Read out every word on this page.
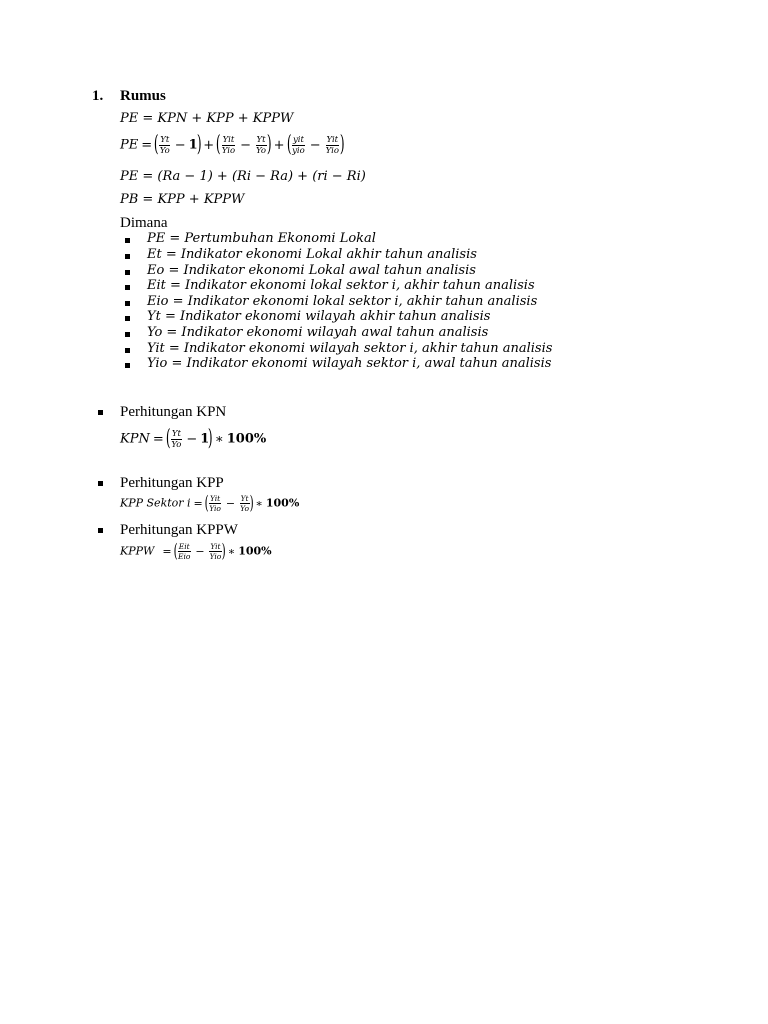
1. Rumus
PE = KPN + KPP + KPPW
PE =( $\frac{Yt}{Yo} - 1$) +( $\frac{\text{Yit}}{\text{Yio}} - \frac{Yt}{Yo}$ ) +( $\frac{\text{yit}}{\text{yio}} - \frac{\text{Yit}}{\text{Yio}}$ )
PE = (Ra − 1) + (Ri − Ra) + (ri − Ri)
PB = KPP + KPPW
Dimana
PE = Pertumbuhan Ekonomi Lokal
Et = Indikator ekonomi Lokal akhir tahun analisis
Eo = Indikator ekonomi Lokal awal tahun analisis
Eit = Indikator ekonomi lokal sektor i, akhir tahun analisis
Eio = Indikator ekonomi lokal sektor i, akhir tahun analisis
Yt = Indikator ekonomi wilayah akhir tahun analisis
Yo = Indikator ekonomi wilayah awal tahun analisis
Yit = Indikator ekonomi wilayah sektor i, akhir tahun analisis
Yio = Indikator ekonomi wilayah sektor i, awal tahun analisis
Perhitungan KPN
KPN =( $\frac{Yt}{Yo} - 1$) ∗ 100%
Perhitungan KPP
KPP Sektor i =( $\frac{\text{Yit}}{\text{Yio}} - \frac{Yt}{Yo}$ ) ∗ 100%
Perhitungan KPPW
KPPW =( $\frac{\text{Eit}}{\text{Eio}} - \frac{\text{Yit}}{\text{Yio}}$ ) ∗ 100%
